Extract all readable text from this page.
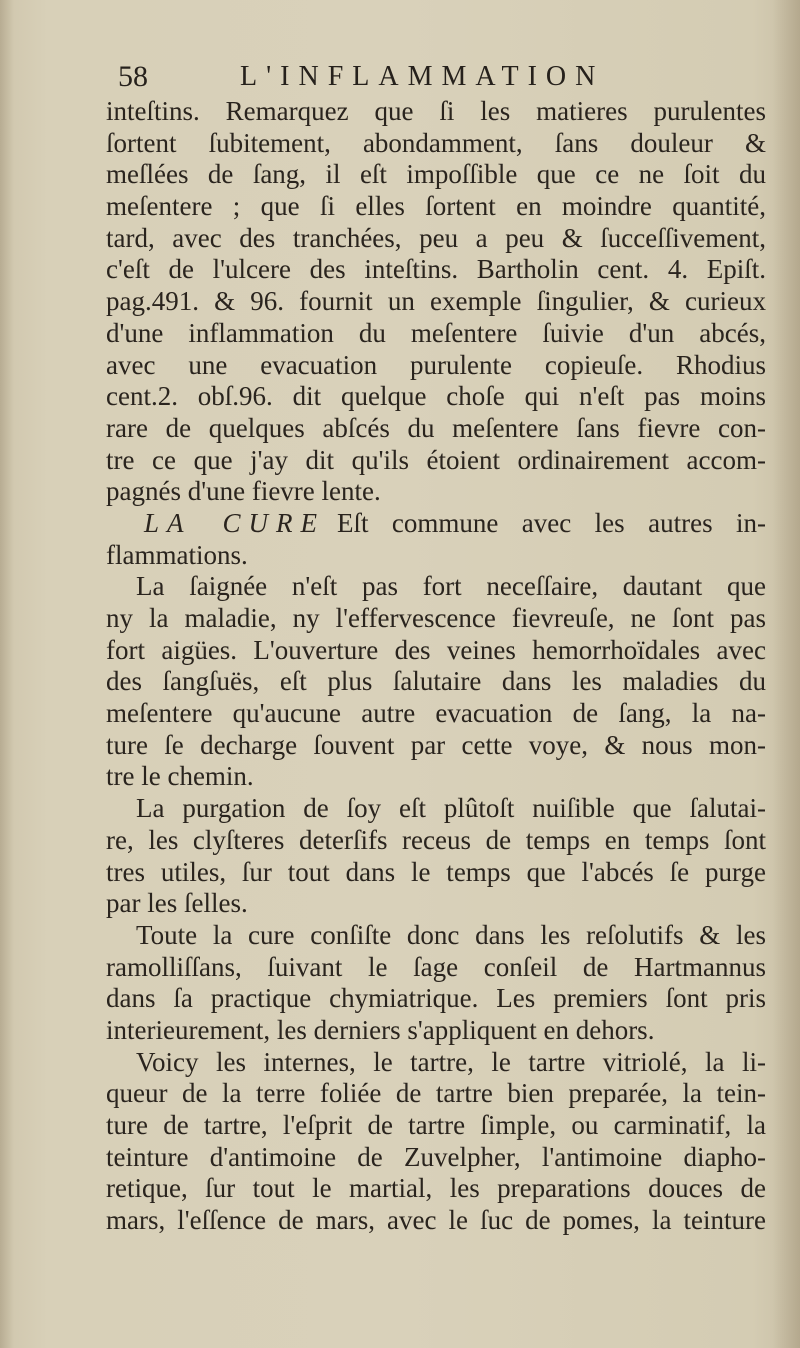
58	L'INFLAMMATION
inteſtins. Remarquez que ſi les matieres purulentes
ſortent ſubitement, abondamment, ſans douleur &
meſlées de ſang, il eſt impoſſible que ce ne ſoit du
meſentere ; que ſi elles ſortent en moindre quantité,
tard, avec des tranchées, peu a peu & ſucceſſivement,
c'eſt de l'ulcere des inteſtins. Bartholin cent. 4. Epiſt.
pag.491. & 96. fournit un exemple ſingulier, & curieux
d'une inflammation du meſentere ſuivie d'un abcés,
avec une evacuation purulente copieuſe. Rhodius
cent.2. obſ.96. dit quelque choſe qui n'eſt pas moins
rare de quelques abſcés du meſentere ſans fievre con-
tre ce que j'ay dit qu'ils étoient ordinairement accom-
pagnés d'une fievre lente.
LA CURE Eſt commune avec les autres in-
flammations.
La ſaignée n'eſt pas fort neceſſaire, dautant que
ny la maladie, ny l'effervescence fievreuſe, ne ſont pas
fort aigües. L'ouverture des veines hemorrhoïdales avec
des ſangſuës, eſt plus ſalutaire dans les maladies du
meſentere qu'aucune autre evacuation de ſang, la na-
ture ſe decharge ſouvent par cette voye, & nous mon-
tre le chemin.
La purgation de ſoy eſt plûtoſt nuiſible que ſalutai-
re, les clyſteres deterſifs receus de temps en temps ſont
tres utiles, ſur tout dans le temps que l'abcés ſe purge
par les ſelles.
Toute la cure conſiſte donc dans les reſolutifs & les
ramolliſſans, ſuivant le ſage conſeil de Hartmannus
dans ſa practique chymiatrique. Les premiers ſont pris
interieurement, les derniers s'appliquent en dehors.
Voicy les internes, le tartre, le tartre vitriolé, la li-
queur de la terre foliée de tartre bien preparée, la tein-
ture de tartre, l'eſprit de tartre ſimple, ou carminatif, la
teinture d'antimoine de Zuvelpher, l'antimoine diapho-
retique, ſur tout le martial, les preparations douces de
mars, l'eſſence de mars, avec le ſuc de pomes, la teinture
